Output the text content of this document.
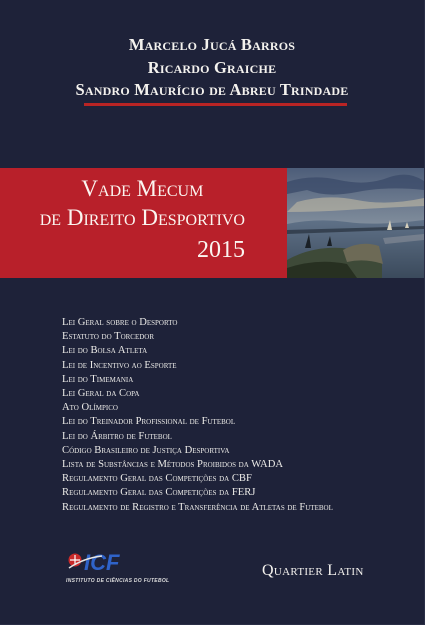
Marcelo Jucá Barros
Ricardo Graiche
Sandro Maurício de Abreu Trindade
Vade Mecum
de Direito Desportivo
2015
Lei Geral sobre o Desporto
Estatuto do Torcedor
Lei do Bolsa Atleta
Lei de Incentivo ao Esporte
Lei do Timemania
Lei Geral da Copa
Ato Olímpico
Lei do Treinador Profissional de Futebol
Lei do Árbitro de Futebol
Código Brasileiro de Justiça Desportiva
Lista de Substâncias e Métodos Proibidos da WADA
Regulamento Geral das Competições da CBF
Regulamento Geral das Competições da FERJ
Regulamento de Registro e Transferência de Atletas de Futebol
ICF
INSTITUTO DE CIÊNCIAS DO FUTEBOL
Quartier Latin
